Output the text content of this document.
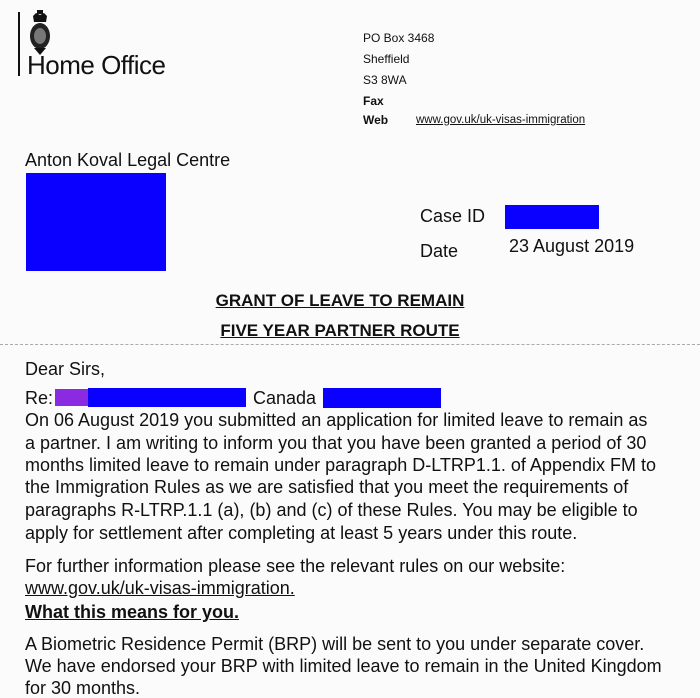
Home Office
PO Box 3468
Sheffield
S3 8WA
Fax
Web www.gov.uk/uk-visas-immigration
Anton Koval Legal Centre
Case ID
Date	23 August 2019
GRANT OF LEAVE TO REMAIN
FIVE YEAR PARTNER ROUTE
Dear Sirs,
Re:	Canada
On 06 August 2019 you submitted an application for limited leave to remain as
a partner. I am writing to inform you that you have been granted a period of 30
months limited leave to remain under paragraph D-LTRP1.1. of Appendix FM to
the Immigration Rules as we are satisfied that you meet the requirements of
paragraphs R-LTRP.1.1 (a), (b) and (c) of these Rules. You may be eligible to
apply for settlement after completing at least 5 years under this route.
For further information please see the relevant rules on our website:
www.gov.uk/uk-visas-immigration.
What this means for you.
A Biometric Residence Permit (BRP) will be sent to you under separate cover.
We have endorsed your BRP with limited leave to remain in the United Kingdom
for 30 months.
